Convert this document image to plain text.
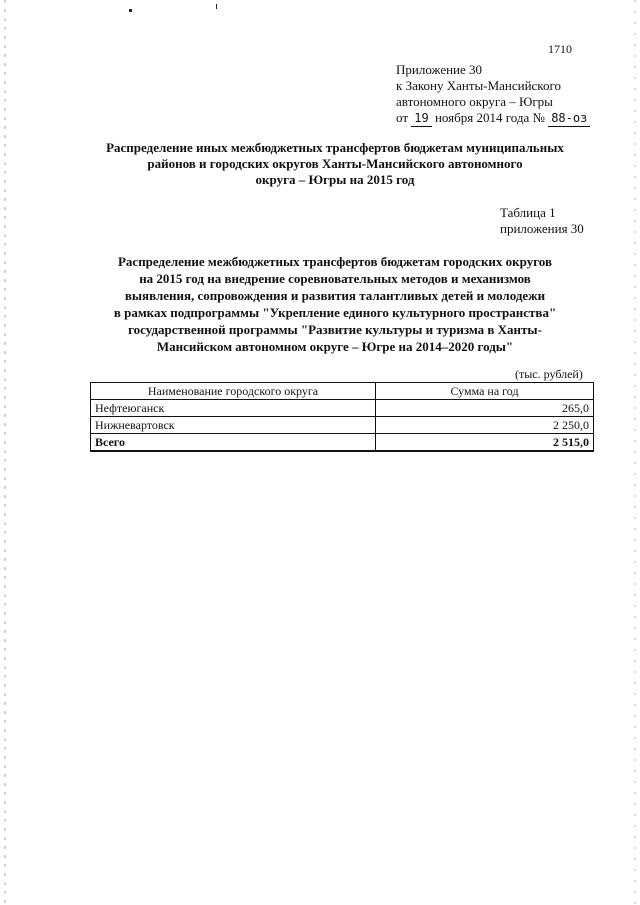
1710
Приложение 30
к Закону Ханты-Мансийского
автономного округа – Югры
от 19 ноября 2014 года № 88-оз
Распределение иных межбюджетных трансфертов бюджетам муниципальных
районов и городских округов Ханты-Мансийского автономного
округа – Югры на 2015 год
Таблица 1
приложения 30
Распределение межбюджетных трансфертов бюджетам городских округов
на 2015 год на внедрение соревновательных методов и механизмов
выявления, сопровождения и развития талантливых детей и молодежи
в рамках подпрограммы "Укрепление единого культурного пространства"
государственной программы "Развитие культуры и туризма в Ханты-
Мансийском автономном округе – Югре на 2014–2020 годы"
(тыс. рублей)
Наименование городского округа	Сумма на год
Нефтеюганск	265,0
Нижневартовск	2 250,0
Всего	2 515,0
